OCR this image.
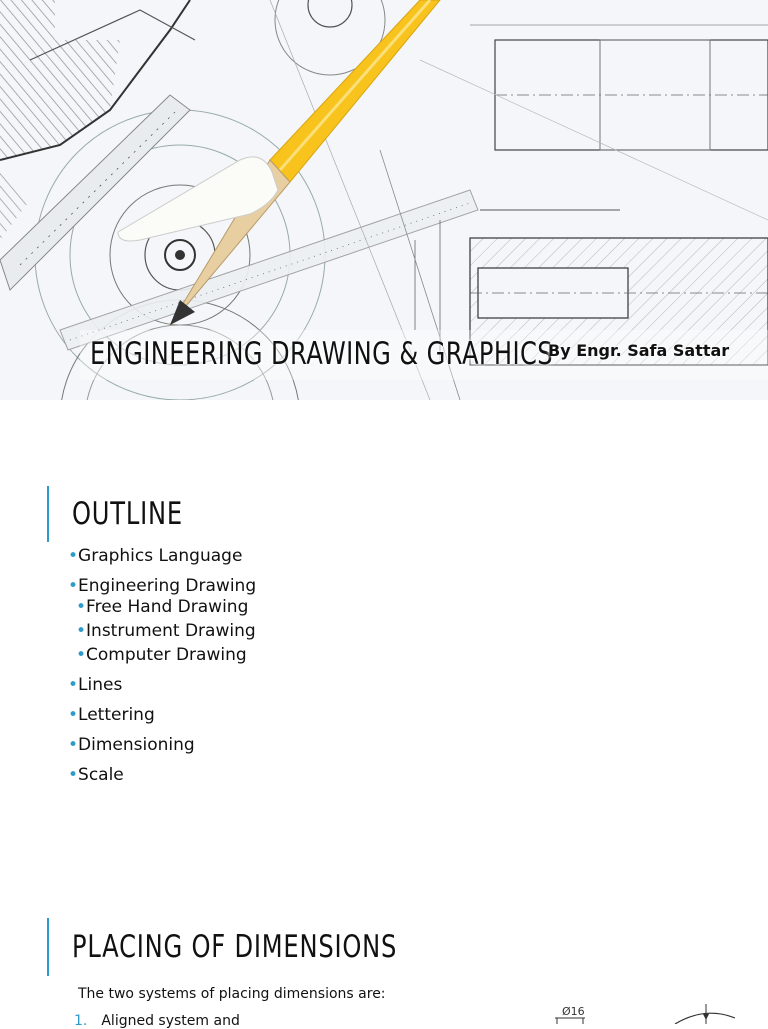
ENGINEERING DRAWING & GRAPHICS
By Engr. Safa Sattar
OUTLINE
•Graphics Language
•Engineering Drawing
•Free Hand Drawing
•Instrument Drawing
•Computer Drawing
•Lines
•Lettering
•Dimensioning
•Scale
PLACING OF DIMENSIONS
The two systems of placing dimensions are:
1. Aligned system and
Ø16
